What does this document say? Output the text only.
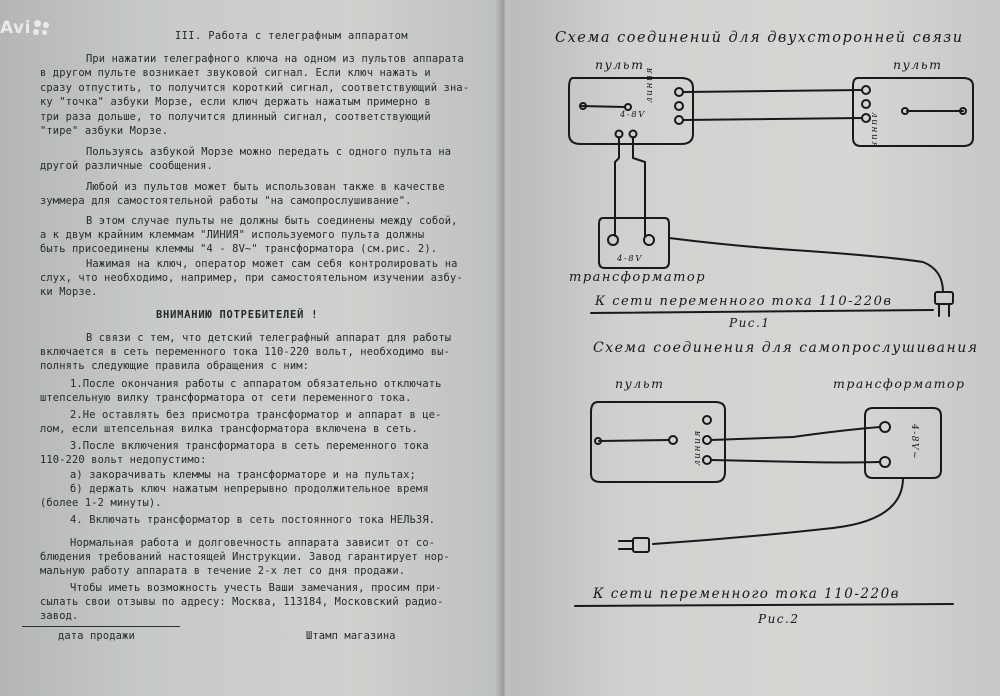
Avi	III. Работа с телеграфным аппаратом
При нажатии телеграфного ключа на одном из пультов аппарата
в другом пульте возникает звуковой сигнал. Если ключ нажать и
сразу отпустить, то получится короткий сигнал, соответствующий зна-
ку "точка" азбуки Морзе, если ключ держать нажатым примерно в
три раза дольше, то получится длинный сигнал, соответствующий
"тире" азбуки Морзе.
Пользуясь азбукой Морзе можно передать с одного пульта на
другой различные сообщения.
Любой из пультов может быть использован также в качестве
зуммера для самостоятельной работы "на самопрослушивание".
В этом случае пульты не должны быть соединены между собой,
а к двум крайним клеммам "ЛИНИЯ" используемого пульта должны
быть присоединены клеммы "4 - 8V~" трансформатора (см.рис. 2).
Нажимая на ключ, оператор может сам себя контролировать на
слух, что необходимо, например, при самостоятельном изучении азбу-
ки Морзе.
ВНИМАНИЮ ПОТРЕБИТЕЛЕЙ !
В связи с тем, что детский телеграфный аппарат для работы
включается в сеть переменного тока 110-220 вольт, необходимо вы-
полнять следующие правила обращения с ним:
1.После окончания работы с аппаратом обязательно отключать
штепсельную вилку трансформатора от сети переменного тока.
2.Не оставлять без присмотра трансформатор и аппарат в це-
лом, если штепсельная вилка трансформатора включена в сеть.
3.После включения трансформатора в сеть переменного тока
110-220 вольт недопустимо:
а) закорачивать клеммы на трансформаторе и на пультах;
б) держать ключ нажатым непрерывно продолжительное время
(более 1-2 минуты).
4. Включать трансформатор в сеть постоянного тока НЕЛЬЗЯ.
Нормальная работа и долговечность аппарата зависит от со-
блюдения требований настоящей Инструкции. Завод гарантирует нор-
мальную работу аппарата в течение 2-х лет со дня продажи.
Чтобы иметь возможность учесть Ваши замечания, просим при-
сылать свои отзывы по адресу: Москва, 113184, Московский радио-
завод.
дата продажи	Штамп магазина
Схема соединений для двухсторонней связи
пульт	пульт
линия
линия
4-8V
4-8V
трансформатор
К сети переменного тока 110-220в
Рис.1
Схема соединения для самопрослушивания
пульт	трансформатор
линия	4-8V~
К сети переменного тока 110-220в
Рис.2
